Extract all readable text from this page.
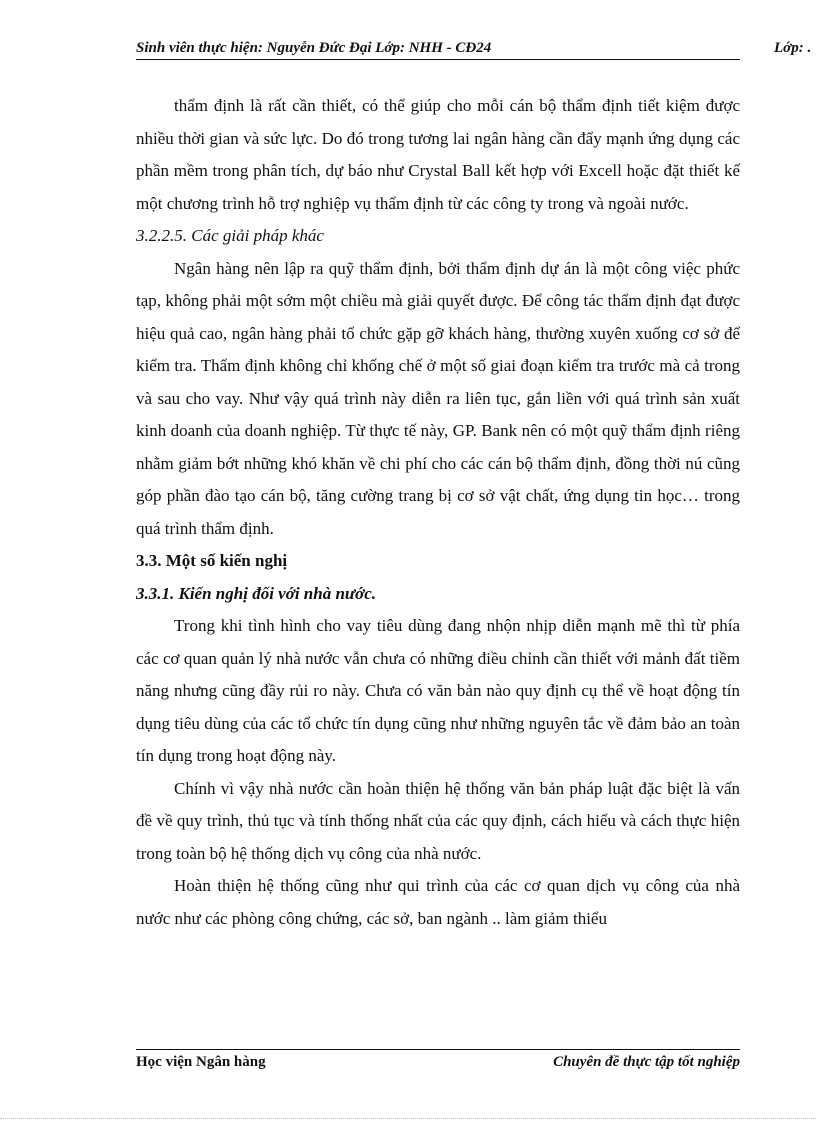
Sinh viên thực hiện: Nguyễn Đức Đại Lớp: NHH - CĐ24	Lớp: .

thẩm định là rất cần thiết, có thể giúp cho mỗi cán bộ thẩm định tiết kiệm được nhiều thời gian và sức lực. Do đó trong tương lai ngân hàng cần đẩy mạnh ứng dụng các phần mềm trong phân tích, dự báo như Crystal Ball kết hợp với Excell hoặc đặt thiết kế một chương trình hỗ trợ nghiệp vụ thẩm định từ các công ty trong và ngoài nước.

3.2.2.5. Các giải pháp khác

Ngân hàng nên lập ra quỹ thẩm định, bởi thẩm định dự án là một công việc phức tạp, không phải một sớm một chiều mà giải quyết được. Để công tác thẩm định đạt được hiệu quả cao, ngân hàng phải tổ chức gặp gỡ khách hàng, thường xuyên xuống cơ sở để kiểm tra. Thẩm định không chỉ khống chế ở một số giai đoạn kiểm tra trước mà cả trong và sau cho vay. Như vậy quá trình này diễn ra liên tục, gắn liền với quá trình sản xuất kinh doanh của doanh nghiệp. Từ thực tế này, GP. Bank nên có một quỹ thẩm định riêng nhằm giảm bớt những khó khăn về chi phí cho các cán bộ thẩm định, đồng thời nú cũng góp phần đào tạo cán bộ, tăng cường trang bị cơ sở vật chất, ứng dụng tin học… trong quá trình thẩm định.

3.3. Một số kiến nghị

3.3.1. Kiến nghị đối với nhà nước.

Trong khi tình hình cho vay tiêu dùng đang nhộn nhịp diễn mạnh mẽ thì từ phía các cơ quan quản lý nhà nước vẫn chưa có những điều chỉnh cần thiết với mảnh đất tiềm năng nhưng cũng đầy rủi ro này. Chưa có văn bản nào quy định cụ thể về hoạt động tín dụng tiêu dùng của các tổ chức tín dụng cũng như những nguyên tắc về đảm bảo an toàn tín dụng trong hoạt động này.

Chính vì vậy nhà nước cần hoàn thiện hệ thống văn bản pháp luật đặc biệt là vấn đề về quy trình, thủ tục và tính thống nhất của các quy định, cách hiểu và cách thực hiện trong toàn bộ hệ thống dịch vụ công của nhà nước.

Hoàn thiện hệ thống cũng như qui trình của các cơ quan dịch vụ công của nhà nước như các phòng công chứng, các sở, ban ngành .. làm giảm thiểu

Học viện Ngân hàng	Chuyên đề thực tập tốt nghiệp
